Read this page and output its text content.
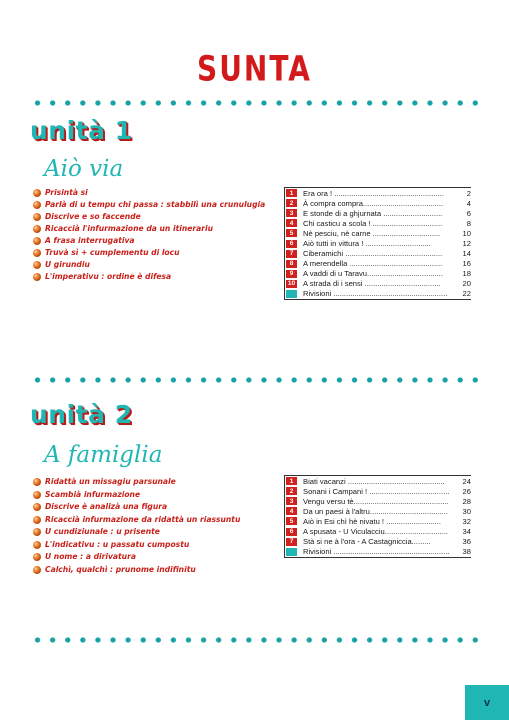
SUNTA
unità 1
Aiò via
Prisintà si
Parlà di u tempu chi passa : stabbilì una crunulugia
Discrive e so faccende
Ricaccià l'infurmazione da un itinerariu
A frasa interrugativa
Truvà sì + cumplementu di locu
U girundiu
L'imperativu : ordine è difesa
1	Era ora ! ....................................................	2
2	À compra compra......................................	4
3	E stonde di a ghjurnata ............................	6
4	Chi casticu a scola ! .................................	8
5	Nè pesciu, nè carne ................................	10
6	Aiò tutti in vittura ! ...............................	12
7	Ciberamichi ..............................................	14
8	A merendella ............................................	16
9	A vaddi di u Taravu....................................	18
10 A strada di i sensi ....................................	20
Rivisioni ......................................................	22
unità 2
A famiglia
Ridattà un missagiu parsunale
Scambià infurmazione
Discrive è analizà una figura
Ricaccià infurmazione da ridattà un riassuntu
U cundiziunale : u prisente
L'indicativu : u passatu cumpostu
U nome : a dirivatura
Calchì, qualchì : prunome indifinitu
1	Biati vacanzi ..............................................	24
2	Sonani i Campani ! ......................................	26
3	Vengu versu tè.............................................	28
4	Da un paesi à l'altru.....................................	30
5	Aiò in Esi chì hè nivatu ! ..........................	32
6	A spusata - U Viculacciu..............................	34
7	Stà si ne à l'ora - A Castagniccia.........	36
Rivisioni .......................................................	38
v
